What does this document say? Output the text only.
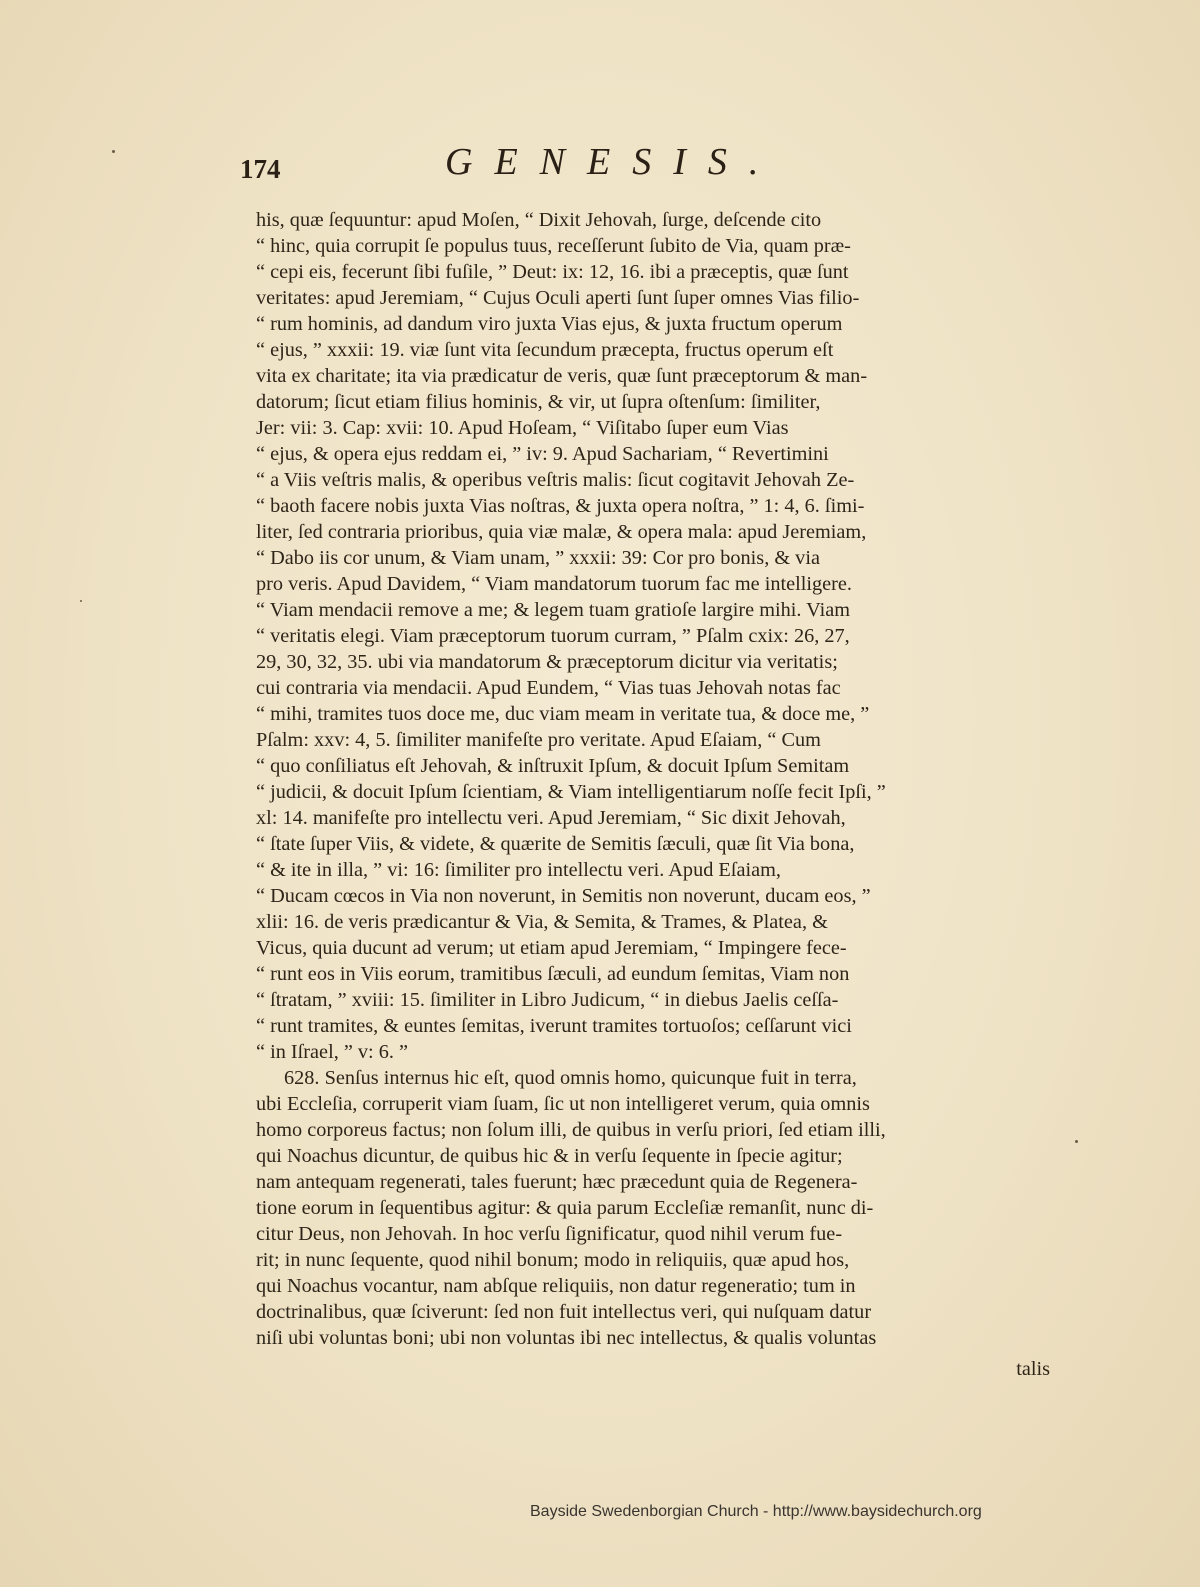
174	GENESIS.
his, quæ ſequuntur: apud Moſen, “ Dixit Jehovah, ſurge, deſcende cito
“ hinc, quia corrupit ſe populus tuus, receſſerunt ſubito de Via, quam præ-
“ cepi eis, fecerunt ſibi fuſile, ” Deut: ix: 12, 16. ibi a præceptis, quæ ſunt
veritates: apud Jeremiam, “ Cujus Oculi aperti ſunt ſuper omnes Vias filio-
“ rum hominis, ad dandum viro juxta Vias ejus, & juxta fructum operum
“ ejus, ” xxxii: 19. viæ ſunt vita ſecundum præcepta, fructus operum eſt
vita ex charitate; ita via prædicatur de veris, quæ ſunt præceptorum & man-
datorum; ſicut etiam filius hominis, & vir, ut ſupra oſtenſum: ſimiliter,
Jer: vii: 3. Cap: xvii: 10. Apud Hoſeam, “ Viſitabo ſuper eum Vias
“ ejus, & opera ejus reddam ei, ” iv: 9. Apud Sachariam, “ Revertimini
“ a Viis veſtris malis, & operibus veſtris malis: ſicut cogitavit Jehovah Ze-
“ baoth facere nobis juxta Vias noſtras, & juxta opera noſtra, ” 1: 4, 6. ſimi-
liter, ſed contraria prioribus, quia viæ malæ, & opera mala: apud Jeremiam,
“ Dabo iis cor unum, & Viam unam, ” xxxii: 39: Cor pro bonis, & via
pro veris. Apud Davidem, “ Viam mandatorum tuorum fac me intelligere.
“ Viam mendacii remove a me; & legem tuam gratioſe largire mihi. Viam
“ veritatis elegi. Viam præceptorum tuorum curram, ” Pſalm cxix: 26, 27,
29, 30, 32, 35. ubi via mandatorum & præceptorum dicitur via veritatis;
cui contraria via mendacii. Apud Eundem, “ Vias tuas Jehovah notas fac
“ mihi, tramites tuos doce me, duc viam meam in veritate tua, & doce me, ”
Pſalm: xxv: 4, 5. ſimiliter manifeſte pro veritate. Apud Eſaiam, “ Cum
“ quo conſiliatus eſt Jehovah, & inſtruxit Ipſum, & docuit Ipſum Semitam
“ judicii, & docuit Ipſum ſcientiam, & Viam intelligentiarum noſſe fecit Ipſi, ”
xl: 14. manifeſte pro intellectu veri. Apud Jeremiam, “ Sic dixit Jehovah,
“ ſtate ſuper Viis, & videte, & quærite de Semitis ſæculi, quæ ſit Via bona,
“ & ite in illa, ” vi: 16: ſimiliter pro intellectu veri. Apud Eſaiam,
“ Ducam cœcos in Via non noverunt, in Semitis non noverunt, ducam eos, ”
xlii: 16. de veris prædicantur & Via, & Semita, & Trames, & Platea, &
Vicus, quia ducunt ad verum; ut etiam apud Jeremiam, “ Impingere fece-
“ runt eos in Viis eorum, tramitibus ſæculi, ad eundum ſemitas, Viam non
“ ſtratam, ” xviii: 15. ſimiliter in Libro Judicum, “ in diebus Jaelis ceſſa-
“ runt tramites, & euntes ſemitas, iverunt tramites tortuoſos; ceſſarunt vici
“ in Iſrael, ” v: 6. ”
628. Senſus internus hic eſt, quod omnis homo, quicunque fuit in terra,
ubi Eccleſia, corruperit viam ſuam, ſic ut non intelligeret verum, quia omnis
homo corporeus factus; non ſolum illi, de quibus in verſu priori, ſed etiam illi,
qui Noachus dicuntur, de quibus hic & in verſu ſequente in ſpecie agitur;
nam antequam regenerati, tales fuerunt; hæc præcedunt quia de Regenera-
tione eorum in ſequentibus agitur: & quia parum Eccleſiæ remanſit, nunc di-
citur Deus, non Jehovah. In hoc verſu ſignificatur, quod nihil verum fue-
rit; in nunc ſequente, quod nihil bonum; modo in reliquiis, quæ apud hos,
qui Noachus vocantur, nam abſque reliquiis, non datur regeneratio; tum in
doctrinalibus, quæ ſciverunt: ſed non fuit intellectus veri, qui nuſquam datur
niſi ubi voluntas boni; ubi non voluntas ibi nec intellectus, & qualis voluntas
talis
Bayside Swedenborgian Church - http://www.baysidechurch.org
